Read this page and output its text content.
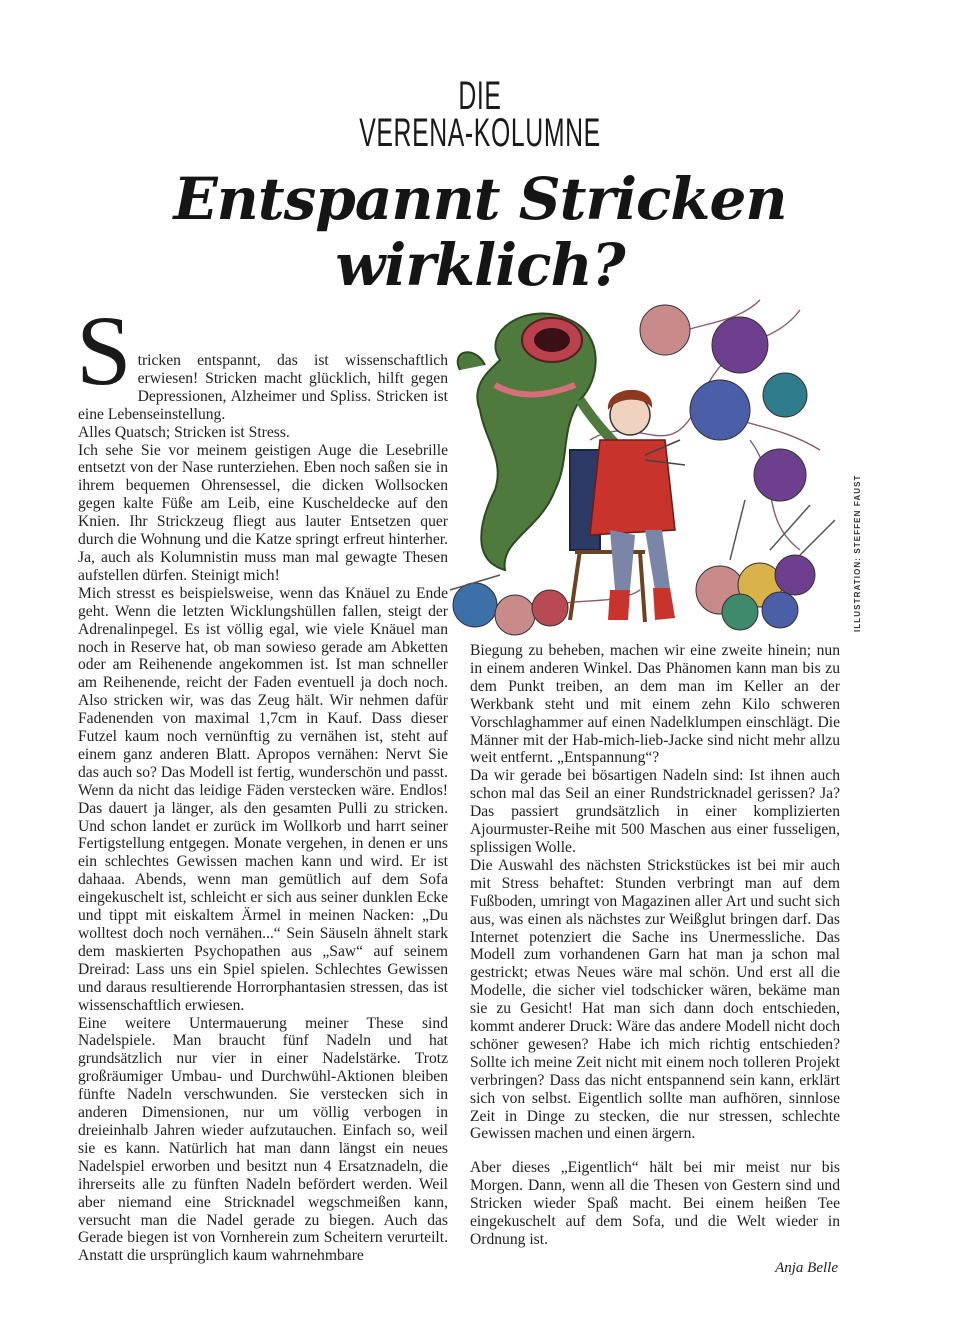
DIE
VERENA-KOLUMNE
Entspannt Stricken
wirklich?
ILLUSTRATION: STEFFEN FAUST
S tricken entspannt, das ist wissenschaftlich erwiesen! Stricken macht glücklich, hilft gegen Depressionen, Alzheimer und Spliss. Stricken ist eine Lebenseinstellung.

Alles Quatsch; Stricken ist Stress.

Ich sehe Sie vor meinem geistigen Auge die Lesebrille entsetzt von der Nase runterziehen. Eben noch saßen sie in ihrem bequemen Ohrensessel, die dicken Wollsocken gegen kalte Füße am Leib, eine Kuscheldecke auf den Knien. Ihr Strickzeug fliegt aus lauter Entsetzen quer durch die Wohnung und die Katze springt erfreut hinterher. Ja, auch als Kolumnistin muss man mal gewagte Thesen aufstellen dürfen. Steinigt mich!

Mich stresst es beispielsweise, wenn das Knäuel zu Ende geht. Wenn die letzten Wicklungshüllen fallen, steigt der Adrenalinpegel. Es ist völlig egal, wie viele Knäuel man noch in Reserve hat, ob man sowieso gerade am Abketten oder am Reihenende angekommen ist. Ist man schneller am Reihenende, reicht der Faden eventuell ja doch noch. Also stricken wir, was das Zeug hält. Wir nehmen dafür Fadenenden von maximal 1,7cm in Kauf. Dass dieser Futzel kaum noch vernünftig zu vernähen ist, steht auf einem ganz anderen Blatt. Apropos vernähen: Nervt Sie das auch so? Das Modell ist fertig, wunderschön und passt. Wenn da nicht das leidige Fäden verstecken wäre. Endlos! Das dauert ja länger, als den gesamten Pulli zu stricken. Und schon landet er zurück im Wollkorb und harrt seiner Fertigstellung entgegen. Monate vergehen, in denen er uns ein schlechtes Gewissen machen kann und wird. Er ist dahaaa. Abends, wenn man gemütlich auf dem Sofa eingekuschelt ist, schleicht er sich aus seiner dunklen Ecke und tippt mit eiskaltem Ärmel in meinen Nacken: „Du wolltest doch noch vernähen...“ Sein Säuseln ähnelt stark dem maskierten Psychopathen aus „Saw“ auf seinem Dreirad: Lass uns ein Spiel spielen. Schlechtes Gewissen und daraus resultierende Horrorphantasien stressen, das ist wissenschaftlich erwiesen.

Eine weitere Untermauerung meiner These sind Nadelspiele. Man braucht fünf Nadeln und hat grundsätzlich nur vier in einer Nadelstärke. Trotz großräumiger Umbau- und Durchwühl-Aktionen bleiben fünfte Nadeln verschwunden. Sie verstecken sich in anderen Dimensionen, nur um völlig verbogen in dreieinhalb Jahren wieder aufzutauchen. Einfach so, weil sie es kann. Natürlich hat man dann längst ein neues Nadelspiel erworben und besitzt nun 4 Ersatznadeln, die ihrerseits alle zu fünften Nadeln befördert werden. Weil aber niemand eine Stricknadel wegschmeißen kann, versucht man die Nadel gerade zu biegen. Auch das Gerade biegen ist von Vornherein zum Scheitern verurteilt. Anstatt die ursprünglich kaum wahrnehmbare

Biegung zu beheben, machen wir eine zweite hinein; nun in einem anderen Winkel. Das Phänomen kann man bis zu dem Punkt treiben, an dem man im Keller an der Werkbank steht und mit einem zehn Kilo schweren Vorschlaghammer auf einen Nadelklumpen einschlägt. Die Männer mit der Hab-mich-lieb-Jacke sind nicht mehr allzu weit entfernt. „Entspannung“?

Da wir gerade bei bösartigen Nadeln sind: Ist ihnen auch schon mal das Seil an einer Rundstricknadel gerissen? Ja? Das passiert grundsätzlich in einer komplizierten Ajourmuster-Reihe mit 500 Maschen aus einer fusseligen, splissigen Wolle.

Die Auswahl des nächsten Strickstückes ist bei mir auch mit Stress behaftet: Stunden verbringt man auf dem Fußboden, umringt von Magazinen aller Art und sucht sich aus, was einen als nächstes zur Weißglut bringen darf. Das Internet potenziert die Sache ins Unermessliche. Das Modell zum vorhandenen Garn hat man ja schon mal gestrickt; etwas Neues wäre mal schön. Und erst all die Modelle, die sicher viel todschicker wären, bekäme man sie zu Gesicht! Hat man sich dann doch entschieden, kommt anderer Druck: Wäre das andere Modell nicht doch schöner gewesen? Habe ich mich richtig entschieden? Sollte ich meine Zeit nicht mit einem noch tolleren Projekt verbringen? Dass das nicht entspannend sein kann, erklärt sich von selbst. Eigentlich sollte man aufhören, sinnlose Zeit in Dinge zu stecken, die nur stressen, schlechte Gewissen machen und einen ärgern.

Aber dieses „Eigentlich“ hält bei mir meist nur bis Morgen. Dann, wenn all die Thesen von Gestern sind und Stricken wieder Spaß macht. Bei einem heißen Tee eingekuschelt auf dem Sofa, und die Welt wieder in Ordnung ist.

Anja Belle
